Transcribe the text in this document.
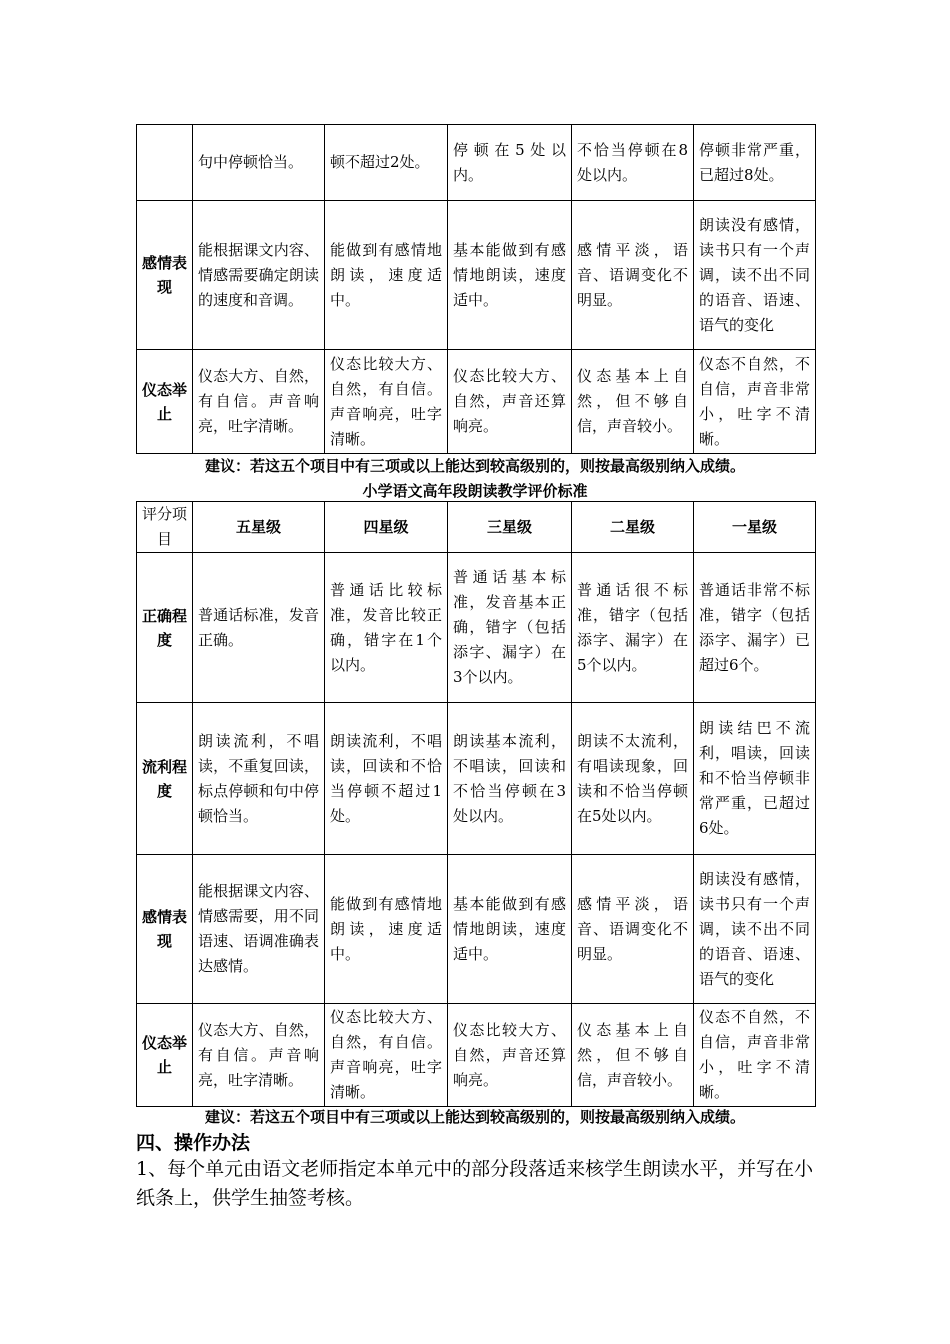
	句中停顿恰当。	顿不超过2处。	停顿在5处以内。	不恰当停顿在8处以内。	停顿非常严重，已超过8处。
感情表现	能根据课文内容、情感需要确定朗读的速度和音调。	能做到有感情地朗读，速度适中。	基本能做到有感情地朗读，速度适中。	感情平淡，语音、语调变化不明显。	朗读没有感情，读书只有一个声调，读不出不同的语音、语速、语气的变化
仪态举止	仪态大方、自然，有自信。声音响亮，吐字清晰。	仪态比较大方、自然，有自信。声音响亮，吐字清晰。	仪态比较大方、自然，声音还算响亮。	仪态基本上自然，但不够自信，声音较小。	仪态不自然，不自信，声音非常小，吐字不清晰。
建议：若这五个项目中有三项或以上能达到较高级别的，则按最高级别纳入成绩。
小学语文高年段朗读教学评价标准
评分项目	五星级	四星级	三星级	二星级	一星级
正确程度	普通话标准，发音正确。	普通话比较标准，发音比较正确，错字在1个以内。	普通话基本标准，发音基本正确，错字（包括添字、漏字）在3个以内。	普通话很不标准，错字（包括添字、漏字）在5个以内。	普通话非常不标准，错字（包括添字、漏字）已超过6个。
流利程度	朗读流利，不唱读，不重复回读，标点停顿和句中停顿恰当。	朗读流利，不唱读，回读和不恰当停顿不超过1处。	朗读基本流利，不唱读，回读和不恰当停顿在3处以内。	朗读不太流利，有唱读现象，回读和不恰当停顿在5处以内。	朗读结巴不流利，唱读，回读和不恰当停顿非常严重，已超过6处。
感情表现	能根据课文内容、情感需要，用不同语速、语调准确表达感情。	能做到有感情地朗读，速度适中。	基本能做到有感情地朗读，速度适中。	感情平淡，语音、语调变化不明显。	朗读没有感情，读书只有一个声调，读不出不同的语音、语速、语气的变化
仪态举止	仪态大方、自然，有自信。声音响亮，吐字清晰。	仪态比较大方、自然，有自信。声音响亮，吐字清晰。	仪态比较大方、自然，声音还算响亮。	仪态基本上自然，但不够自信，声音较小。	仪态不自然，不自信，声音非常小，吐字不清晰。
建议：若这五个项目中有三项或以上能达到较高级别的，则按最高级别纳入成绩。
四、操作办法
1、每个单元由语文老师指定本单元中的部分段落适来核学生朗读水平，并写在小纸条上，供学生抽签考核。
